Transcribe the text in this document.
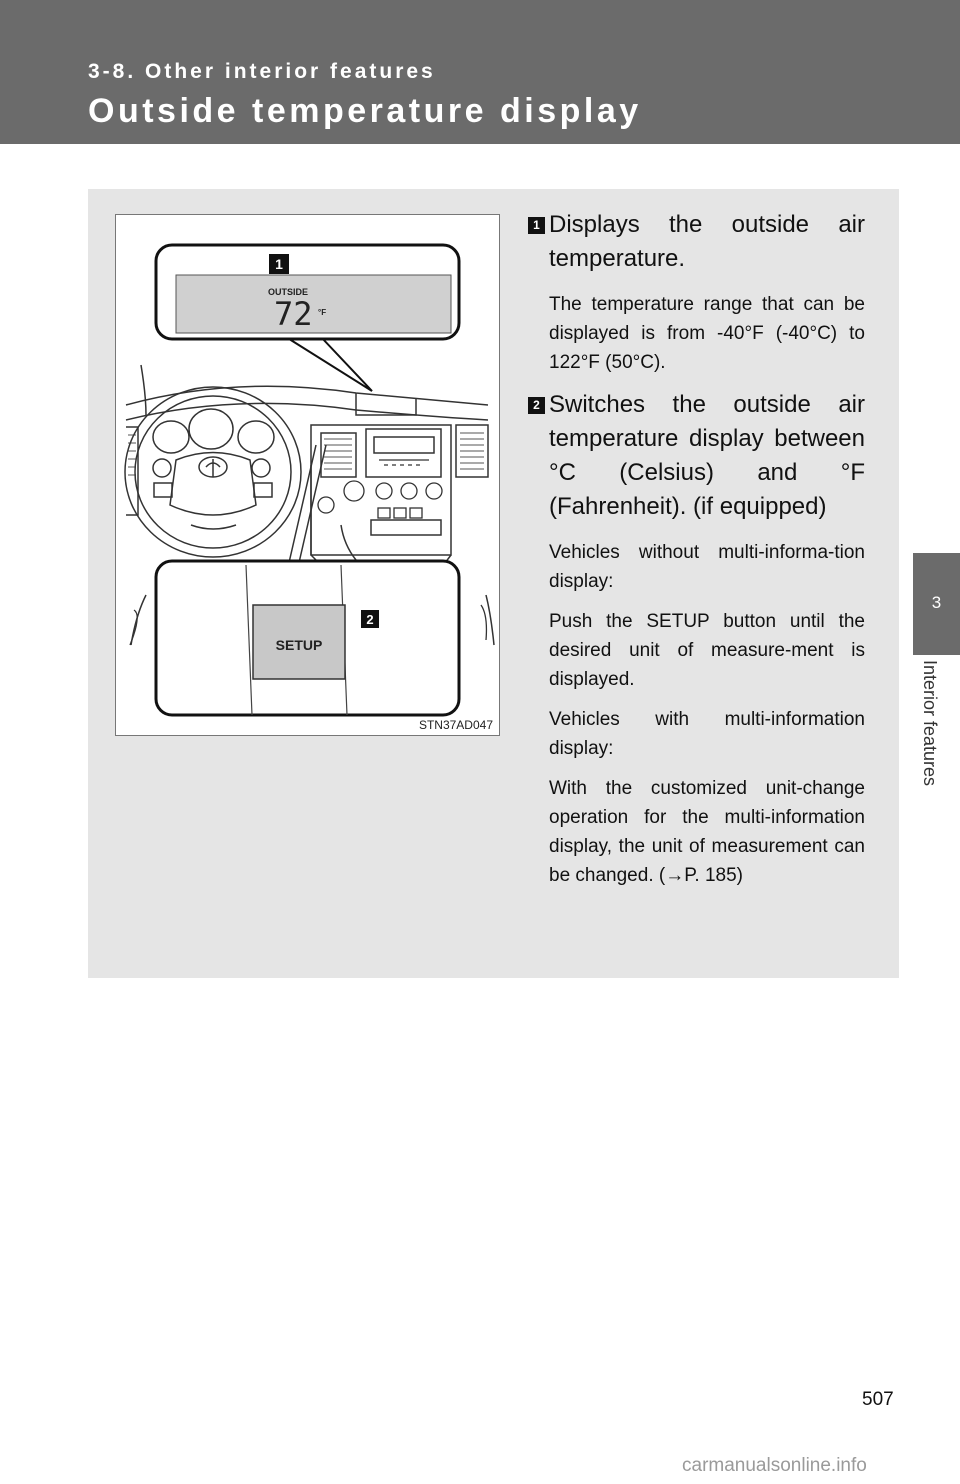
3-8. Other interior features
Outside temperature display
3
Interior features
1
OUTSIDE
72 °F
SETUP
2
STN37AD047
1 Displays the outside air temperature.

The temperature range that can be displayed is from -40°F (-40°C) to 122°F (50°C).

2 Switches the outside air temperature display between °C (Celsius) and °F (Fahrenheit). (if equipped)

Vehicles without multi-informa-tion display:

Push the SETUP button until the desired unit of measure-ment is displayed.

Vehicles with multi-information display:

With the customized unit-change operation for the multi-information display, the unit of measurement can be changed. (→P. 185)

507
carmanualsonline.info
